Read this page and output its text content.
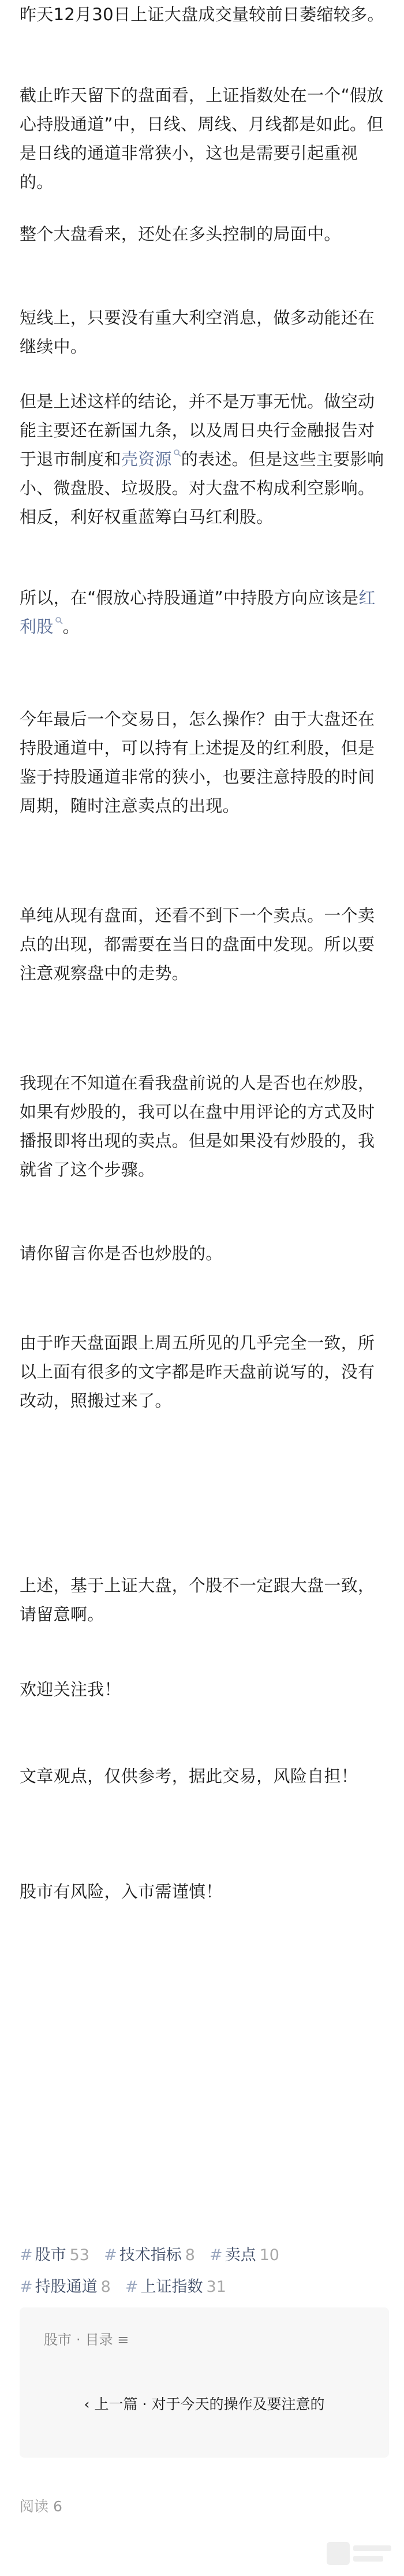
昨天12月30日上证大盘成交量较前日萎缩较多。

截止昨天留下的盘面看，上证指数处在一个“假放心持股通道”中，日线、周线、月线都是如此。但是日线的通道非常狭小，这也是需要引起重视的。

整个大盘看来，还处在多头控制的局面中。

短线上，只要没有重大利空消息，做多动能还在继续中。

但是上述这样的结论，并不是万事无忧。做空动能主要还在新国九条，以及周日央行金融报告对于退市制度和壳资源 的表述。但是这些主要影响小、微盘股、垃圾股。对大盘不构成利空影响。相反，利好权重蓝筹白马红利股。

所以，在“假放心持股通道”中持股方向应该是红利股 。

今年最后一个交易日，怎么操作？由于大盘还在持股通道中，可以持有上述提及的红利股，但是鉴于持股通道非常的狭小，也要注意持股的时间周期，随时注意卖点的出现。

单纯从现有盘面，还看不到下一个卖点。一个卖点的出现，都需要在当日的盘面中发现。所以要注意观察盘中的走势。

我现在不知道在看我盘前说的人是否也在炒股，如果有炒股的，我可以在盘中用评论的方式及时播报即将出现的卖点。但是如果没有炒股的，我就省了这个步骤。

请你留言你是否也炒股的。

由于昨天盘面跟上周五所见的几乎完全一致，所以上面有很多的文字都是昨天盘前说写的，没有改动，照搬过来了。

上述，基于上证大盘，个股不一定跟大盘一致，请留意啊。

欢迎关注我！

文章观点，仅供参考，据此交易，风险自担！

股市有风险，入市需谨慎！

# 股市 53 # 技术指标 8 # 卖点 10
# 持股通道 8 # 上证指数 31
股市 · 目录 ≡
‹ 上一篇 · 对于今天的操作及要注意的
阅读 6
